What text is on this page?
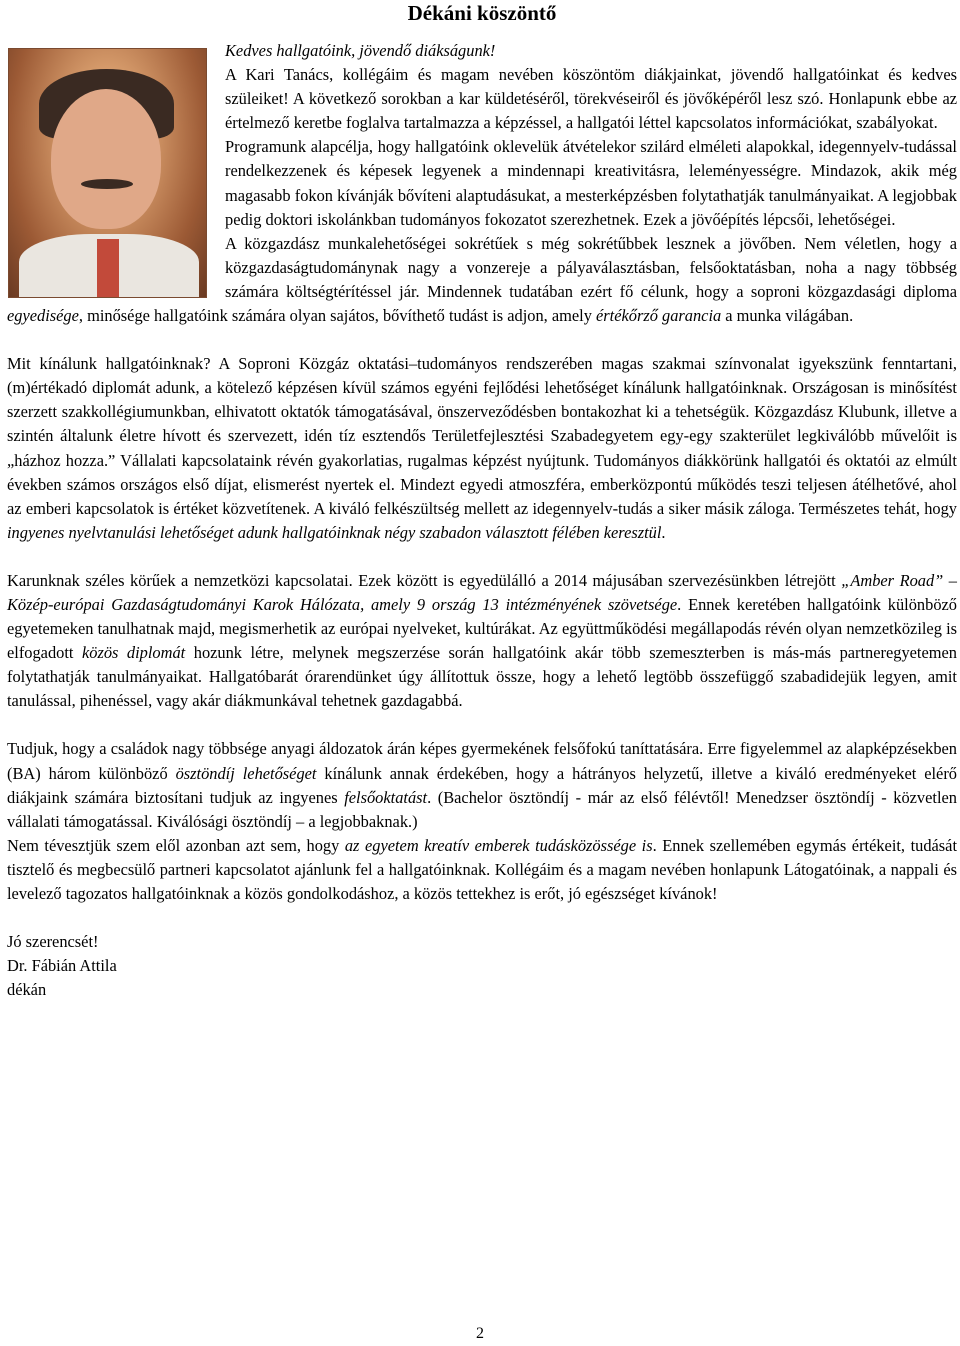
Dékáni köszöntő

Kedves hallgatóink, jövendő diákságunk!

A Kari Tanács, kollégáim és magam nevében köszöntöm diákjainkat, jövendő hallgatóinkat és kedves szüleiket! A következő sorokban a kar küldetéséről, törekvéseiről és jövőképéről lesz szó. Honlapunk ebbe az értelmező keretbe foglalva tartalmazza a képzéssel, a hallgatói léttel kapcsolatos információkat, szabályokat.

Programunk alapcélja, hogy hallgatóink oklevelük átvételekor szilárd elméleti alapokkal, idegennyelv-tudással rendelkezzenek és képesek legyenek a mindennapi kreativitásra, leleményességre. Mindazok, akik még magasabb fokon kívánják bővíteni alaptudásukat, a mesterképzésben folytathatják tanulmányaikat. A legjobbak pedig doktori iskolánkban tudományos fokozatot szerezhetnek. Ezek a jövőépítés lépcsői, lehetőségei.

A közgazdász munkalehetőségei sokrétűek s még sokrétűbbek lesznek a jövőben. Nem véletlen, hogy a közgazdaságtudománynak nagy a vonzereje a pályaválasztásban, felsőoktatásban, noha a nagy többség számára költségtérítéssel jár. Mindennek tudatában ezért fő célunk, hogy a soproni közgazdasági diploma egyedisége, minősége hallgatóink számára olyan sajátos, bővíthető tudást is adjon, amely értékőrző garancia a munka világában.

Mit kínálunk hallgatóinknak? A Soproni Közgáz oktatási–tudományos rendszerében magas szakmai színvonalat igyekszünk fenntartani, (m)értékadó diplomát adunk, a kötelező képzésen kívül számos egyéni fejlődési lehetőséget kínálunk hallgatóinknak. Országosan is minősítést szerzett szakkollégiumunkban, elhivatott oktatók támogatásával, önszerveződésben bontakozhat ki a tehetségük. Közgazdász Klubunk, illetve a szintén általunk életre hívott és szervezett, idén tíz esztendős Területfejlesztési Szabadegyetem egy-egy szakterület legkiválóbb művelőit is „házhoz hozza.” Vállalati kapcsolataink révén gyakorlatias, rugalmas képzést nyújtunk. Tudományos diákkörünk hallgatói és oktatói az elmúlt években számos országos első díjat, elismerést nyertek el. Mindezt egyedi atmoszféra, emberközpontú működés teszi teljesen átélhetővé, ahol az emberi kapcsolatok is értéket közvetítenek. A kiváló felkészültség mellett az idegennyelv-tudás a siker másik záloga. Természetes tehát, hogy ingyenes nyelvtanulási lehetőséget adunk hallgatóinknak négy szabadon választott félében keresztül.

Karunknak széles körűek a nemzetközi kapcsolatai. Ezek között is egyedülálló a 2014 májusában szervezésünkben létrejött „Amber Road” – Közép-európai Gazdaságtudományi Karok Hálózata, amely 9 ország 13 intézményének szövetsége. Ennek keretében hallgatóink különböző egyetemeken tanulhatnak majd, megismerhetik az európai nyelveket, kultúrákat. Az együttműködési megállapodás révén olyan nemzetközileg is elfogadott közös diplomát hozunk létre, melynek megszerzése során hallgatóink akár több szemeszterben is más-más partneregyetemen folytathatják tanulmányaikat. Hallgatóbarát órarendünket úgy állítottuk össze, hogy a lehető legtöbb összefüggő szabadidejük legyen, amit tanulással, pihenéssel, vagy akár diákmunkával tehetnek gazdagabbá.

Tudjuk, hogy a családok nagy többsége anyagi áldozatok árán képes gyermekének felsőfokú taníttatására. Erre figyelemmel az alapképzésekben (BA) három különböző ösztöndíj lehetőséget kínálunk annak érdekében, hogy a hátrányos helyzetű, illetve a kiváló eredményeket elérő diákjaink számára biztosítani tudjuk az ingyenes felsőoktatást. (Bachelor ösztöndíj - már az első félévtől! Menedzser ösztöndíj - közvetlen vállalati támogatással. Kiválósági ösztöndíj – a legjobbaknak.)

Nem tévesztjük szem elől azonban azt sem, hogy az egyetem kreatív emberek tudásközössége is. Ennek szellemében egymás értékeit, tudását tisztelő és megbecsülő partneri kapcsolatot ajánlunk fel a hallgatóinknak. Kollégáim és a magam nevében honlapunk Látogatóinak, a nappali és levelező tagozatos hallgatóinknak a közös gondolkodáshoz, a közös tettekhez is erőt, jó egészséget kívánok!

Jó szerencsét!

Dr. Fábián Attila

dékán

2
